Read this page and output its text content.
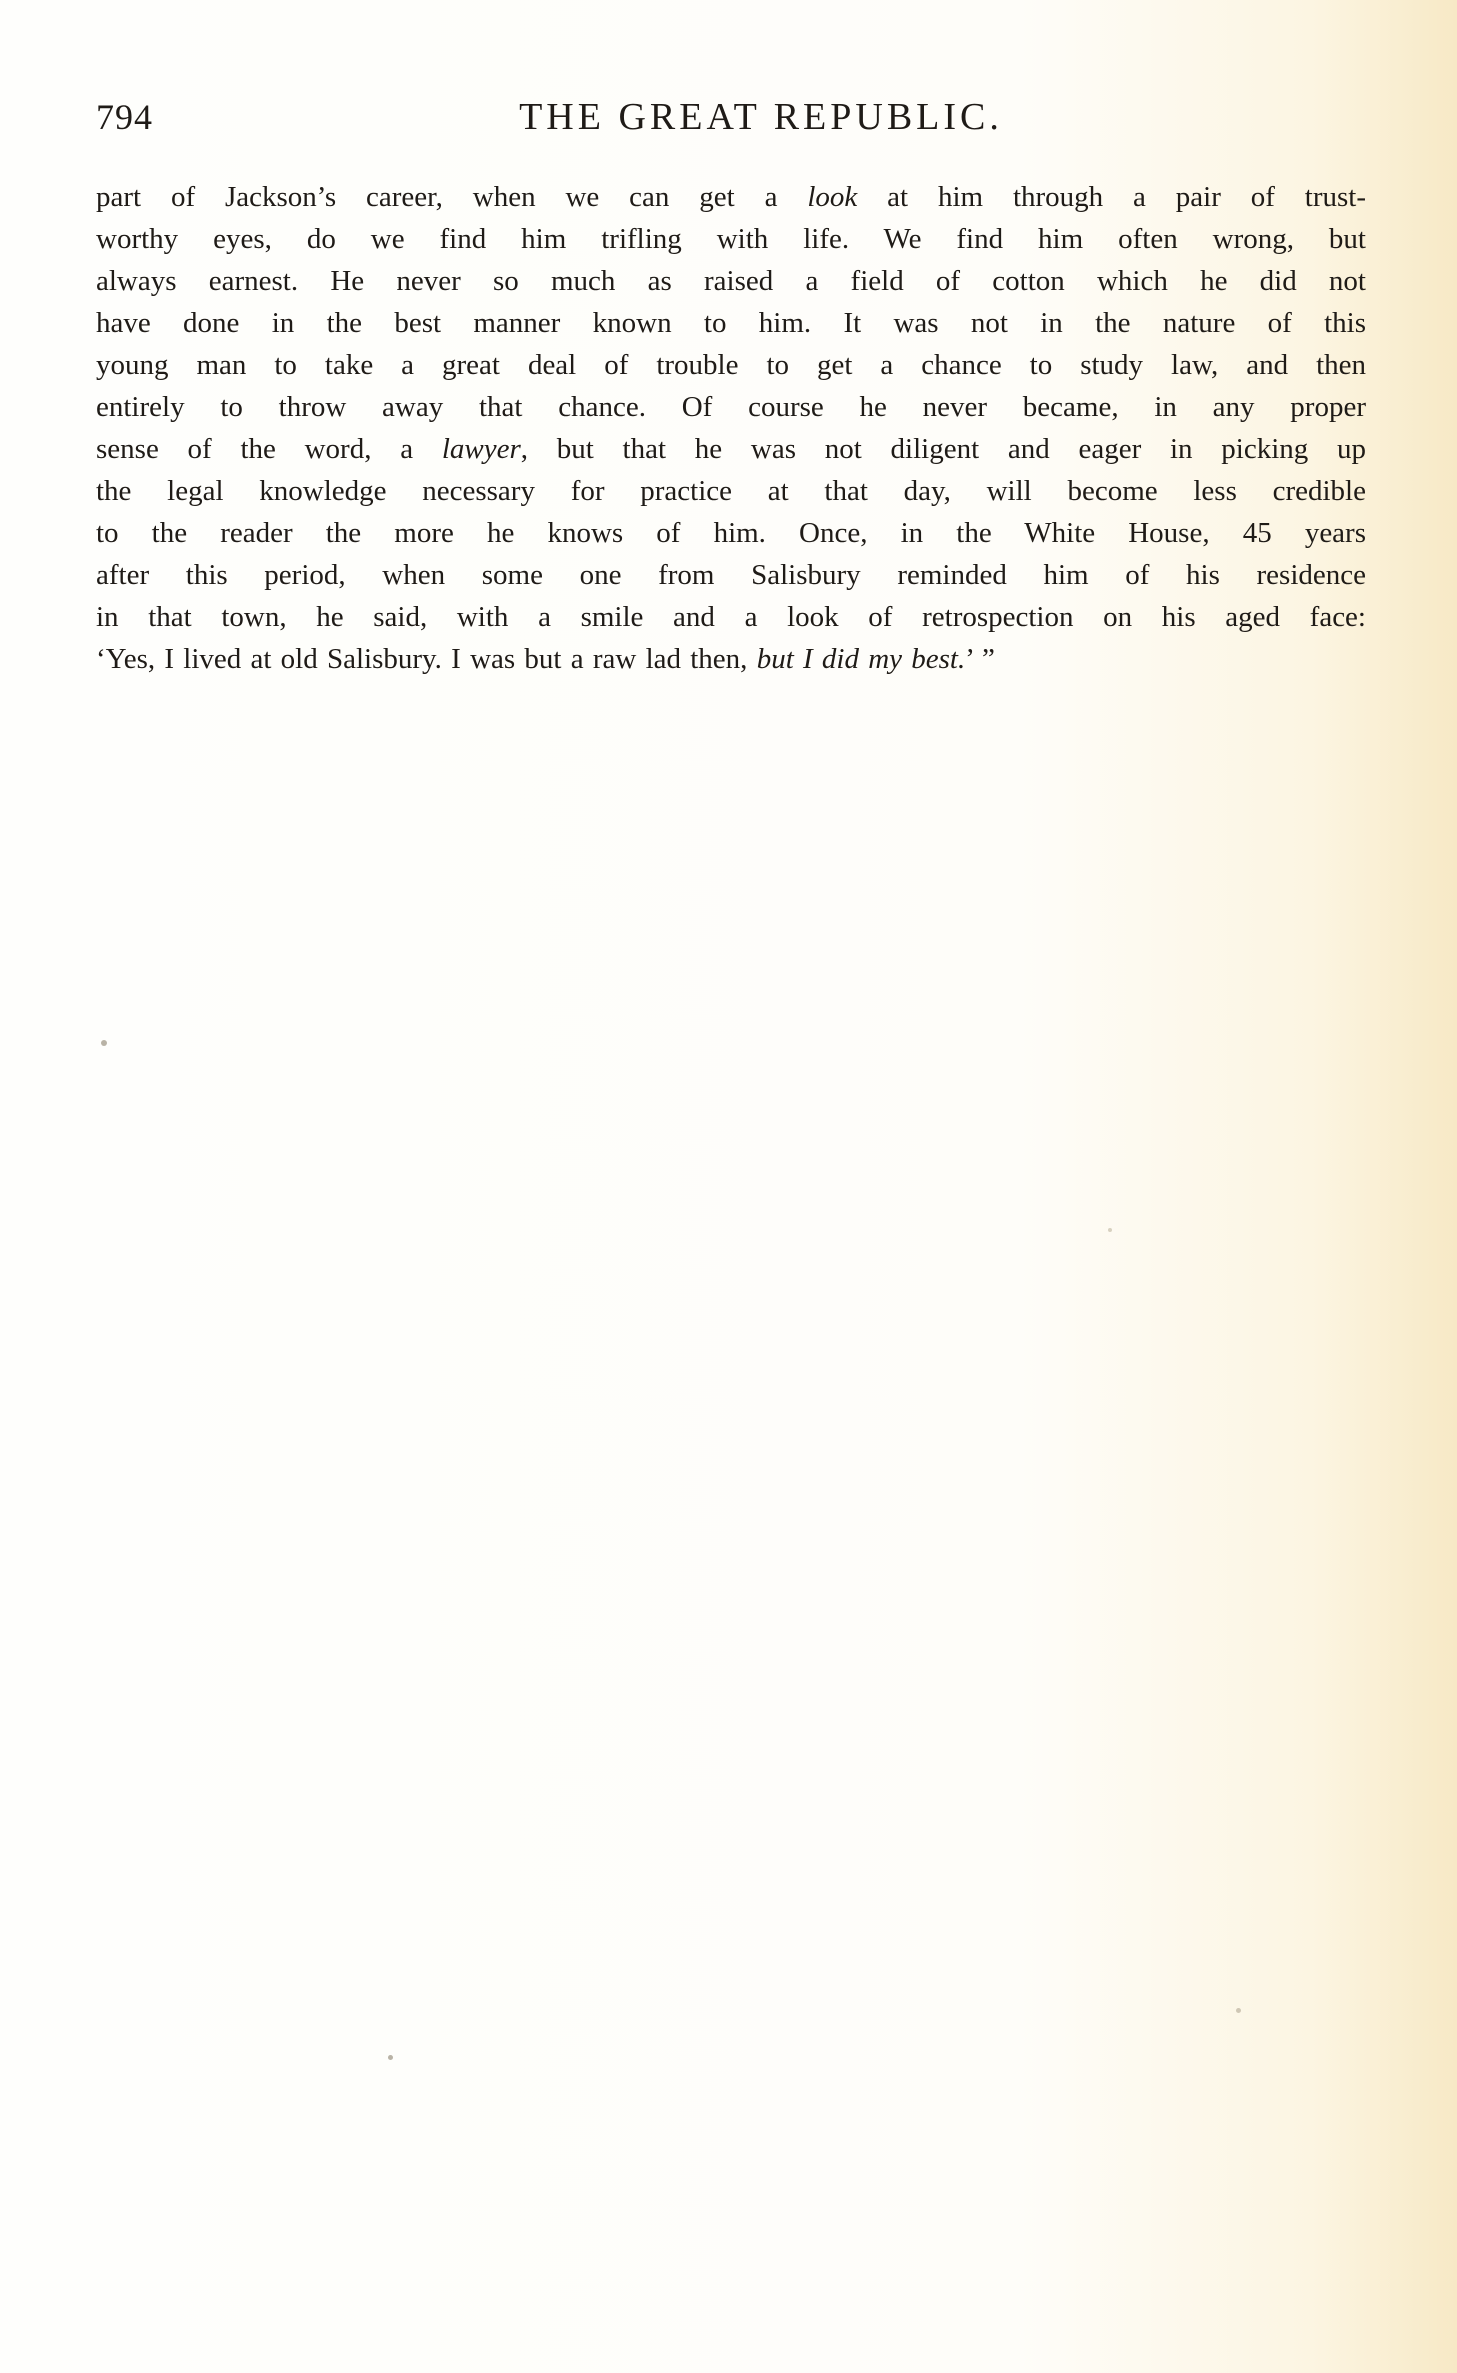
794	THE GREAT REPUBLIC.
part of Jackson’s career, when we can get a look at him through a pair of trust-
worthy eyes, do we find him trifling with life. We find him often wrong, but
always earnest. He never so much as raised a field of cotton which he did not
have done in the best manner known to him. It was not in the nature of this
young man to take a great deal of trouble to get a chance to study law, and then
entirely to throw away that chance. Of course he never became, in any proper
sense of the word, a lawyer, but that he was not diligent and eager in picking up
the legal knowledge necessary for practice at that day, will become less credible
to the reader the more he knows of him. Once, in the White House, 45 years
after this period, when some one from Salisbury reminded him of his residence
in that town, he said, with a smile and a look of retrospection on his aged face:
‘Yes, I lived at old Salisbury. I was but a raw lad then, but I did my best.’ ”
